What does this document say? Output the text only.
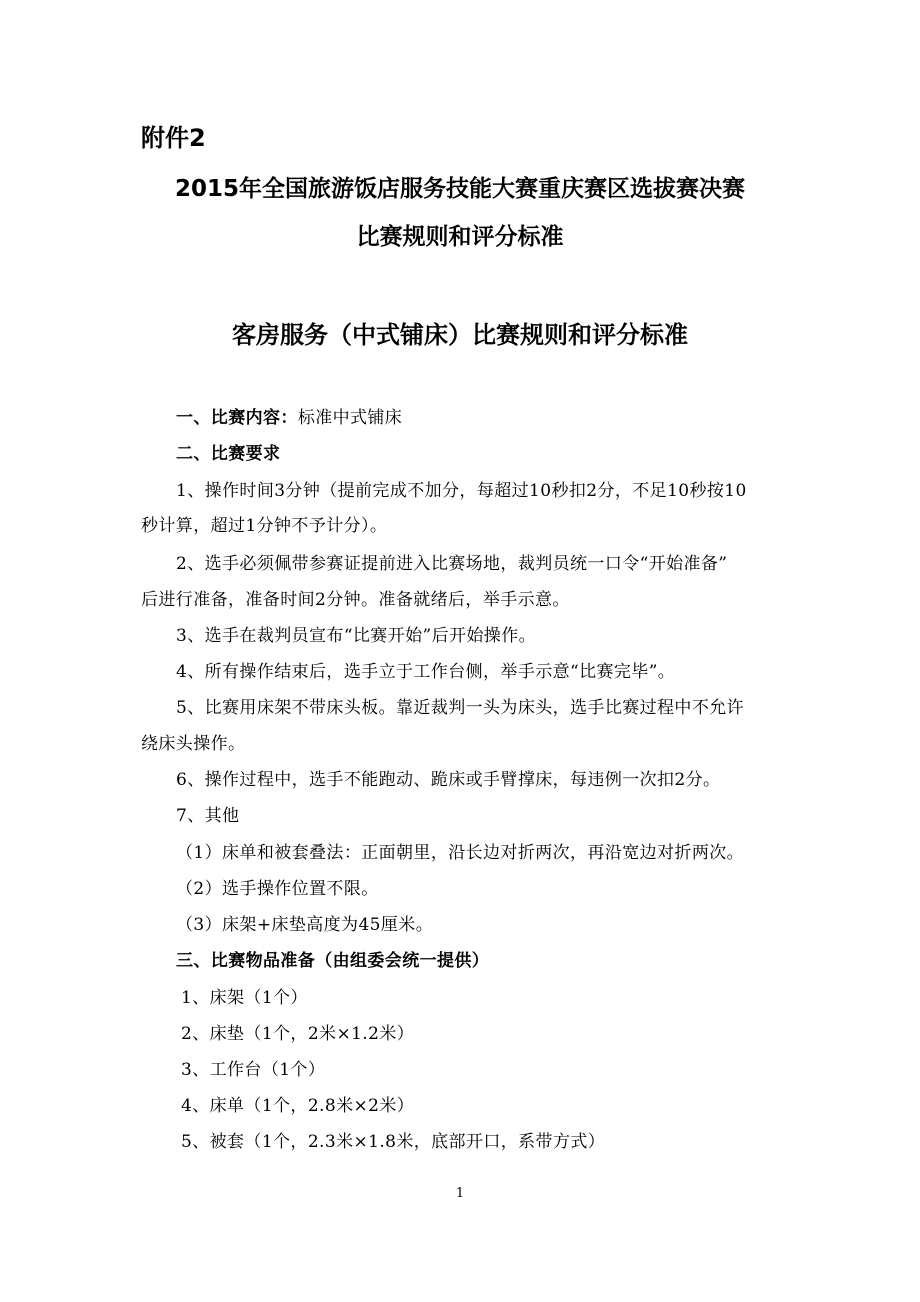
附件2

2015年全国旅游饭店服务技能大赛重庆赛区选拔赛决赛

比赛规则和评分标准

客房服务（中式铺床）比赛规则和评分标准

一、比赛内容：标准中式铺床

二、比赛要求

1、操作时间3分钟（提前完成不加分，每超过10秒扣2分，不足10秒按10

秒计算，超过1分钟不予计分）。

2、选手必须佩带参赛证提前进入比赛场地，裁判员统一口令“开始准备”

后进行准备，准备时间2分钟。准备就绪后，举手示意。

3、选手在裁判员宣布“比赛开始”后开始操作。

4、所有操作结束后，选手立于工作台侧，举手示意“比赛完毕”。

5、比赛用床架不带床头板。靠近裁判一头为床头，选手比赛过程中不允许

绕床头操作。

6、操作过程中，选手不能跑动、跪床或手臂撑床，每违例一次扣2分。

7、其他

（1）床单和被套叠法：正面朝里，沿长边对折两次，再沿宽边对折两次。

（2）选手操作位置不限。

（3）床架+床垫高度为45厘米。

三、比赛物品准备（由组委会统一提供）

1、床架（1个）

2、床垫（1个，2米×1.2米）

3、工作台（1个）

4、床单（1个，2.8米×2米）

5、被套（1个，2.3米×1.8米，底部开口，系带方式）

1
